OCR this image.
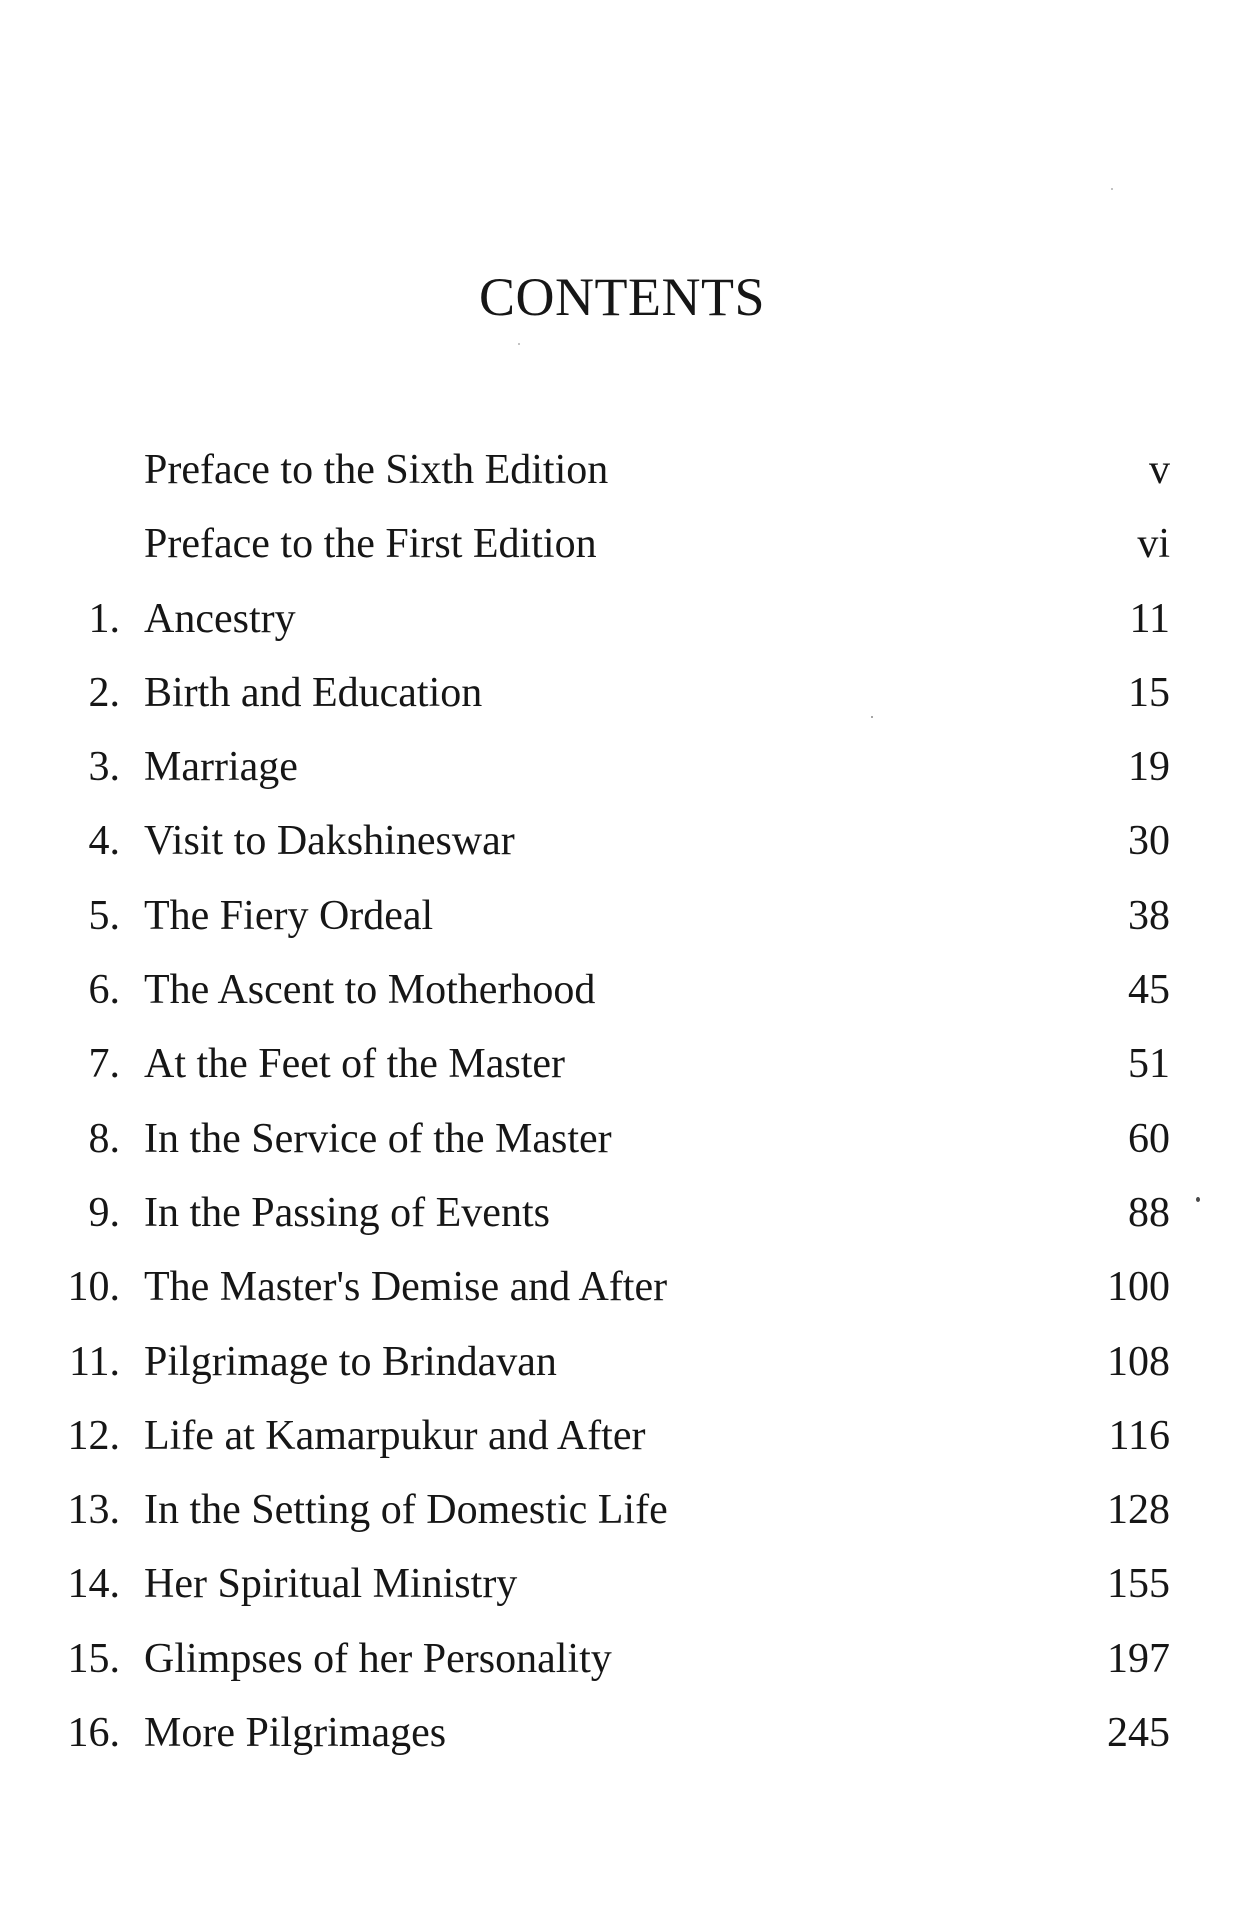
CONTENTS
Preface to the Sixth Edition	v
Preface to the First Edition	vi
1. Ancestry	11
2. Birth and Education	15
3. Marriage	19
4. Visit to Dakshineswar	30
5. The Fiery Ordeal	38
6. The Ascent to Motherhood	45
7. At the Feet of the Master	51
8. In the Service of the Master	60
9. In the Passing of Events	88
10. The Master's Demise and After	100
11. Pilgrimage to Brindavan	108
12. Life at Kamarpukur and After	116
13. In the Setting of Domestic Life	128
14. Her Spiritual Ministry	155
15. Glimpses of her Personality	197
16. More Pilgrimages	245
